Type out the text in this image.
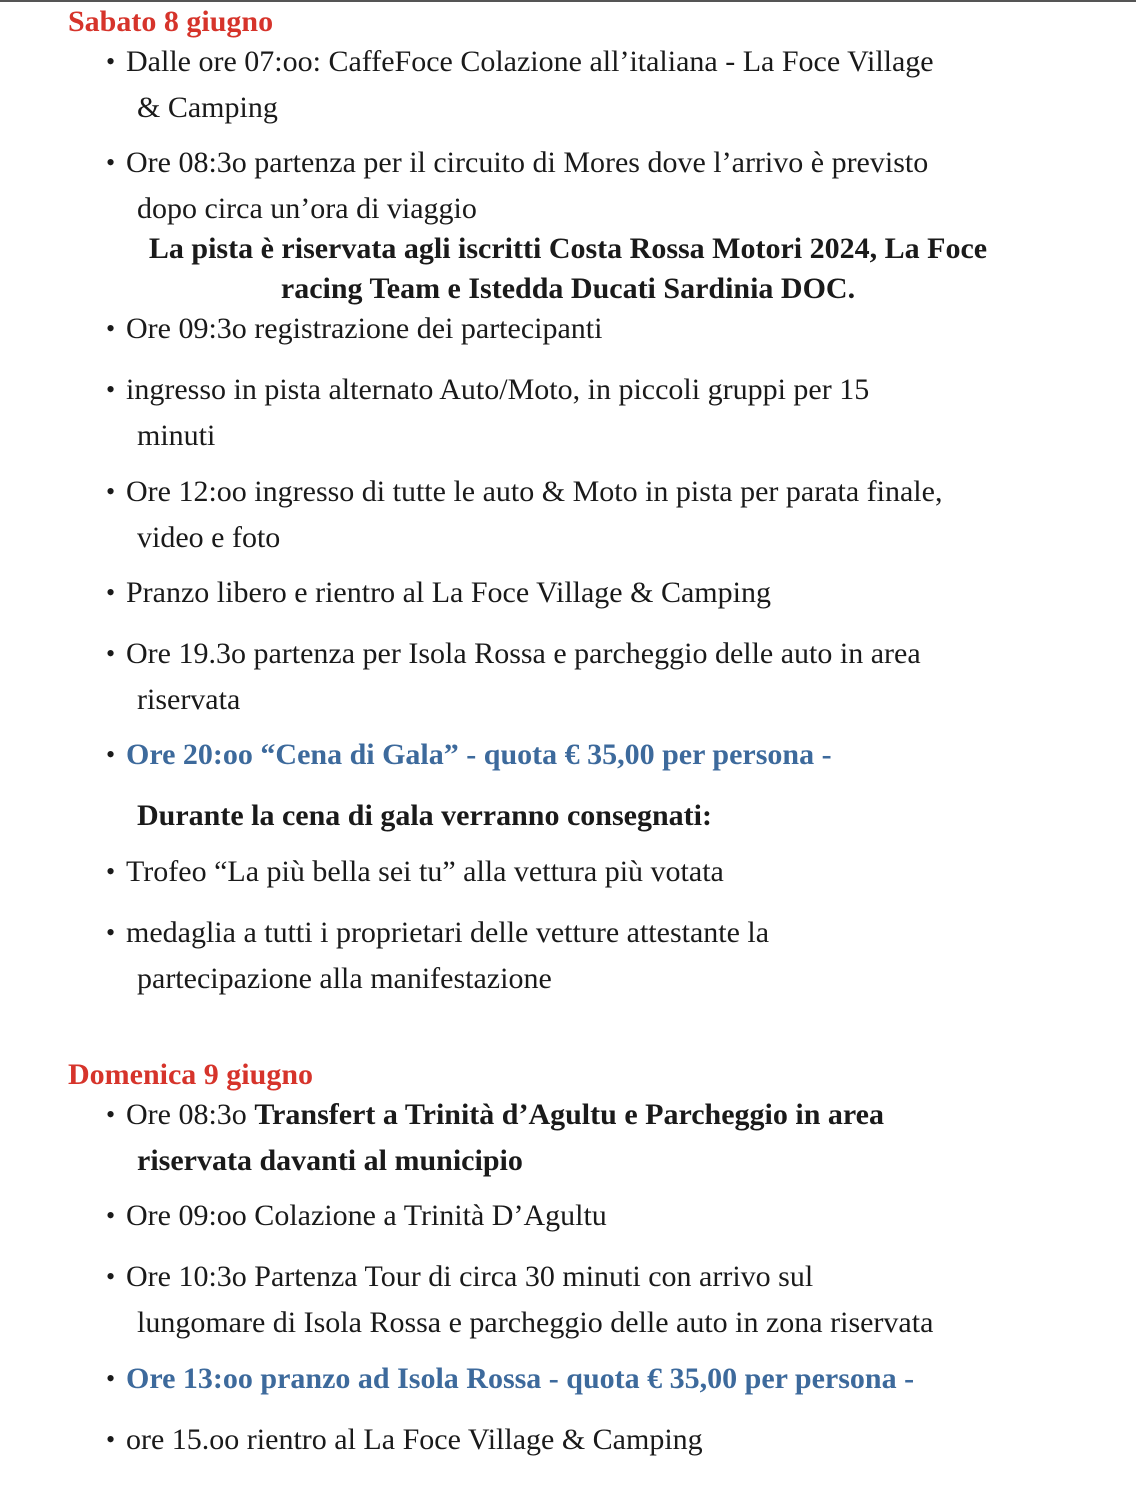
Sabato 8 giugno
• Dalle ore 07:oo: CaffeFoce Colazione all’italiana - La Foce Village
& Camping
• Ore 08:3o partenza per il circuito di Mores dove l’arrivo è previsto
dopo circa un’ora di viaggio
La pista è riservata agli iscritti Costa Rossa Motori 2024, La Foce
racing Team e Istedda Ducati Sardinia DOC.
• Ore 09:3o registrazione dei partecipanti
• ingresso in pista alternato Auto/Moto, in piccoli gruppi per 15
minuti
• Ore 12:oo ingresso di tutte le auto & Moto in pista per parata finale,
video e foto
• Pranzo libero e rientro al La Foce Village & Camping
• Ore 19.3o partenza per Isola Rossa e parcheggio delle auto in area
riservata
• Ore 20:oo “Cena di Gala” - quota € 35,00 per persona -
Durante la cena di gala verranno consegnati:
• Trofeo “La più bella sei tu” alla vettura più votata
• medaglia a tutti i proprietari delle vetture attestante la
partecipazione alla manifestazione
Domenica 9 giugno
• Ore 08:3o Transfert a Trinità d’Agultu e Parcheggio in area
riservata davanti al municipio
• Ore 09:oo Colazione a Trinità D’Agultu
• Ore 10:3o Partenza Tour di circa 30 minuti con arrivo sul
lungomare di Isola Rossa e parcheggio delle auto in zona riservata
• Ore 13:oo pranzo ad Isola Rossa - quota € 35,00 per persona -
• ore 15.oo rientro al La Foce Village & Camping
